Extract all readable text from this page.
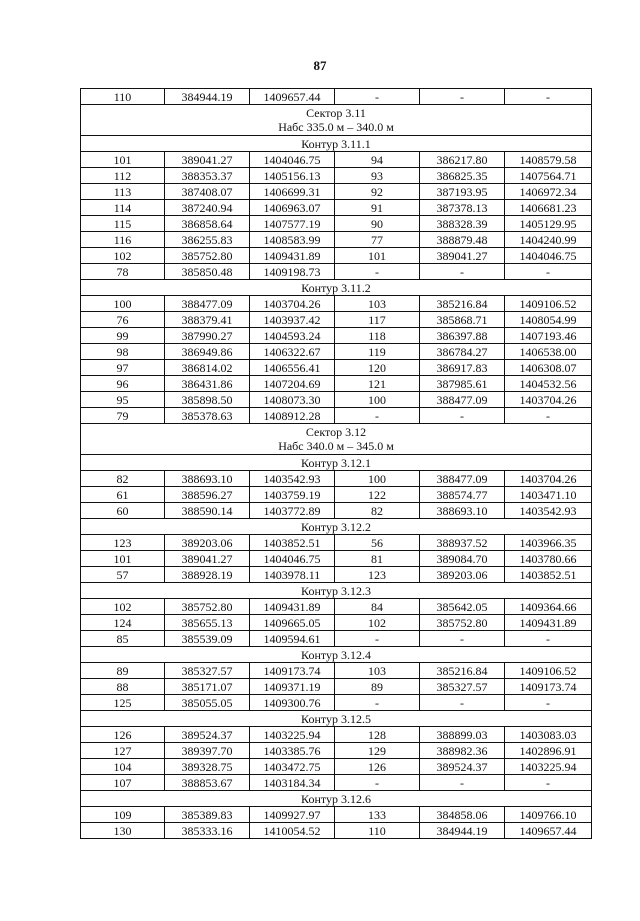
87
110	384944.19	1409657.44	-	-	-

Сектор 3.11
Набс 335.0 м – 340.0 м					

Контур 3.11.1					
101	389041.27	1404046.75	94	386217.80	1408579.58
112	388353.37	1405156.13	93	386825.35	1407564.71
113	387408.07	1406699.31	92	387193.95	1406972.34
114	387240.94	1406963.07	91	387378.13	1406681.23
115	386858.64	1407577.19	90	388328.39	1405129.95
116	386255.83	1408583.99	77	388879.48	1404240.99
102	385752.80	1409431.89	101	389041.27	1404046.75
78	385850.48	1409198.73	-	-	-
Контур 3.11.2					
100	388477.09	1403704.26	103	385216.84	1409106.52
76	388379.41	1403937.42	117	385868.71	1408054.99
99	387990.27	1404593.24	118	386397.88	1407193.46
98	386949.86	1406322.67	119	386784.27	1406538.00
97	386814.02	1406556.41	120	386917.83	1406308.07
96	386431.86	1407204.69	121	387985.61	1404532.56
95	385898.50	1408073.30	100	388477.09	1403704.26
79	385378.63	1408912.28	-	-	-

Сектор 3.12
Набс 340.0 м – 345.0 м					

Контур 3.12.1					
82	388693.10	1403542.93	100	388477.09	1403704.26
61	388596.27	1403759.19	122	388574.77	1403471.10
60	388590.14	1403772.89	82	388693.10	1403542.93
Контур 3.12.2					
123	389203.06	1403852.51	56	388937.52	1403966.35
101	389041.27	1404046.75	81	389084.70	1403780.66
57	388928.19	1403978.11	123	389203.06	1403852.51
Контур 3.12.3					
102	385752.80	1409431.89	84	385642.05	1409364.66
124	385655.13	1409665.05	102	385752.80	1409431.89
85	385539.09	1409594.61	-	-	-
Контур 3.12.4					
89	385327.57	1409173.74	103	385216.84	1409106.52
88	385171.07	1409371.19	89	385327.57	1409173.74
125	385055.05	1409300.76	-	-	-
Контур 3.12.5					
126	389524.37	1403225.94	128	388899.03	1403083.03
127	389397.70	1403385.76	129	388982.36	1402896.91
104	389328.75	1403472.75	126	389524.37	1403225.94
107	388853.67	1403184.34	-	-	-
Контур 3.12.6					
109	385389.83	1409927.97	133	384858.06	1409766.10
130	385333.16	1410054.52	110	384944.19	1409657.44
